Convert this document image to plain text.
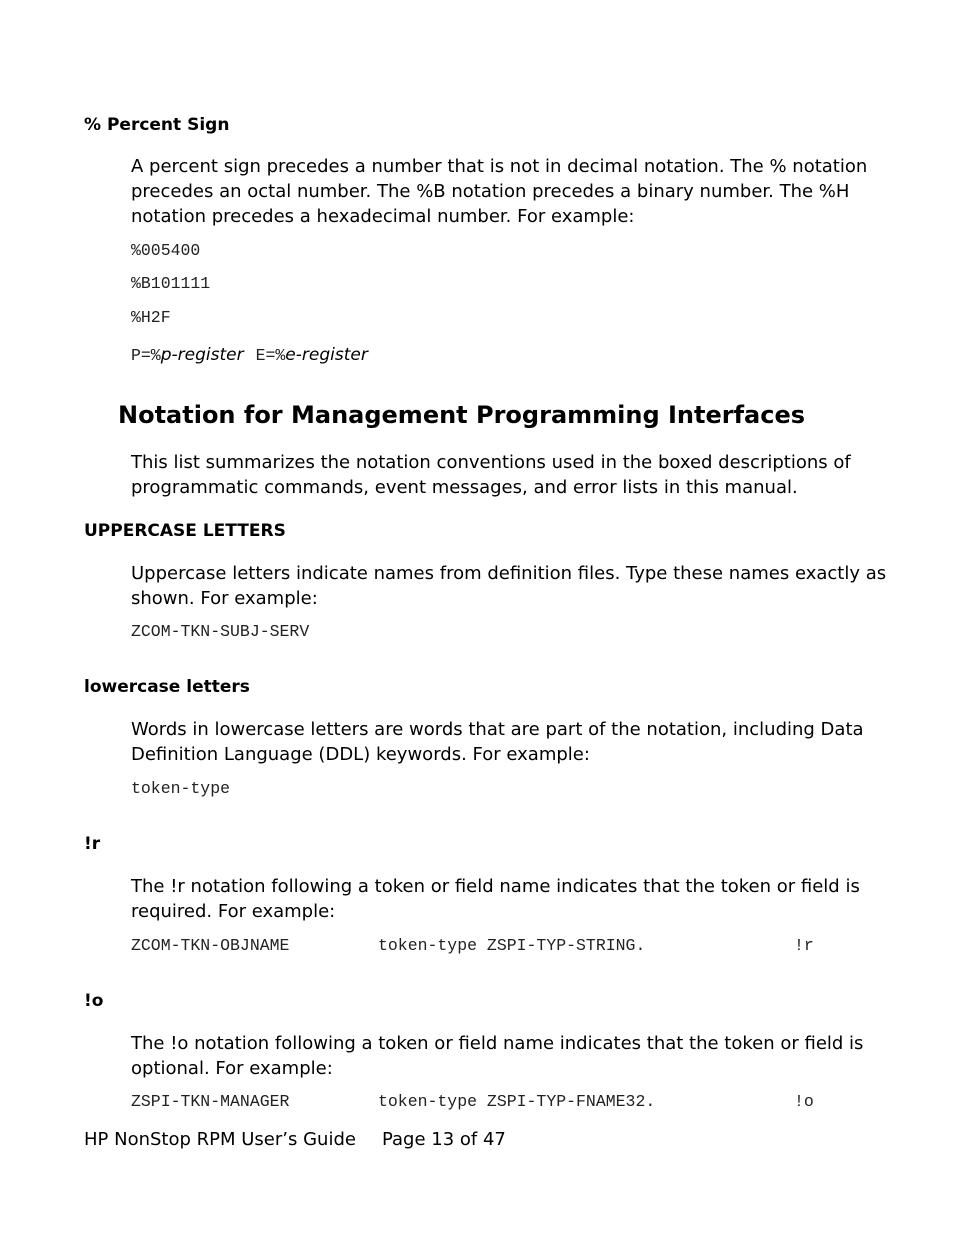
% Percent Sign
A percent sign precedes a number that is not in decimal notation. The % notation precedes an octal number. The %B notation precedes a binary number. The %H notation precedes a hexadecimal number. For example:
%005400
%B101111
%H2F
P=%p-register E=%e-register
Notation for Management Programming Interfaces
This list summarizes the notation conventions used in the boxed descriptions of programmatic commands, event messages, and error lists in this manual.
UPPERCASE LETTERS
Uppercase letters indicate names from definition files. Type these names exactly as shown. For example:
ZCOM-TKN-SUBJ-SERV
lowercase letters
Words in lowercase letters are words that are part of the notation, including Data Definition Language (DDL) keywords. For example:
token-type
!r
The !r notation following a token or field name indicates that the token or field is required. For example:
ZCOM-TKN-OBJNAME	token-type ZSPI-TYP-STRING.	!r
!o
The !o notation following a token or field name indicates that the token or field is optional. For example:
ZSPI-TKN-MANAGER	token-type ZSPI-TYP-FNAME32.	!o
HP NonStop RPM User’s Guide Page 13 of 47
